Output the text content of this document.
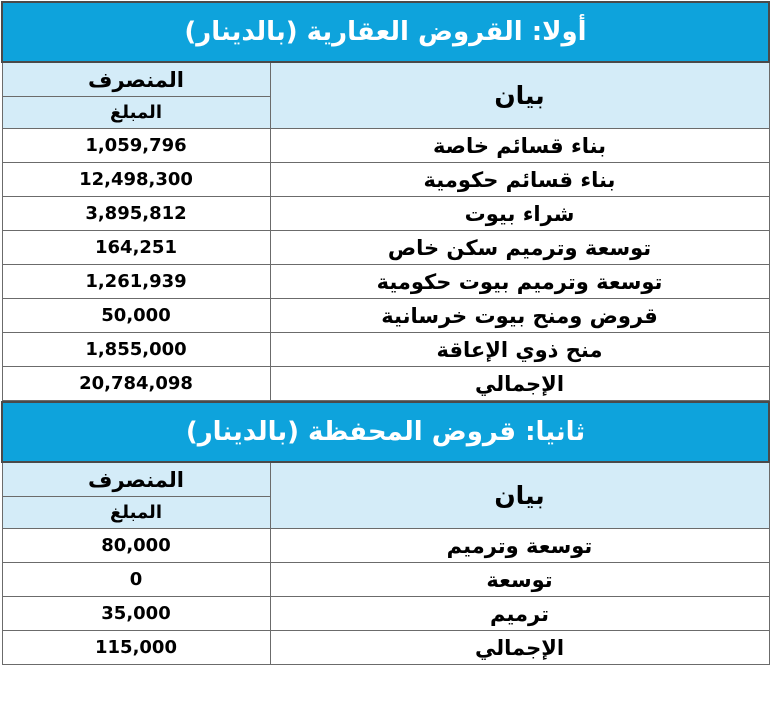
أولا: القروض العقارية (بالدينار)	
المنصرف	بيان
المبلغ	
1,059,796	بناء قسائم خاصة
12,498,300	بناء قسائم حكومية
3,895,812	شراء بيوت
164,251	توسعة وترميم سكن خاص
1,261,939	توسعة وترميم بيوت حكومية
50,000	قروض ومنح بيوت خرسانية
1,855,000	منح ذوي الإعاقة
20,784,098	الإجمالي
ثانيا: قروض المحفظة (بالدينار)	
المنصرف	بيان
المبلغ	
80,000	توسعة وترميم
0	توسعة
35,000	ترميم
115,000	الإجمالي
